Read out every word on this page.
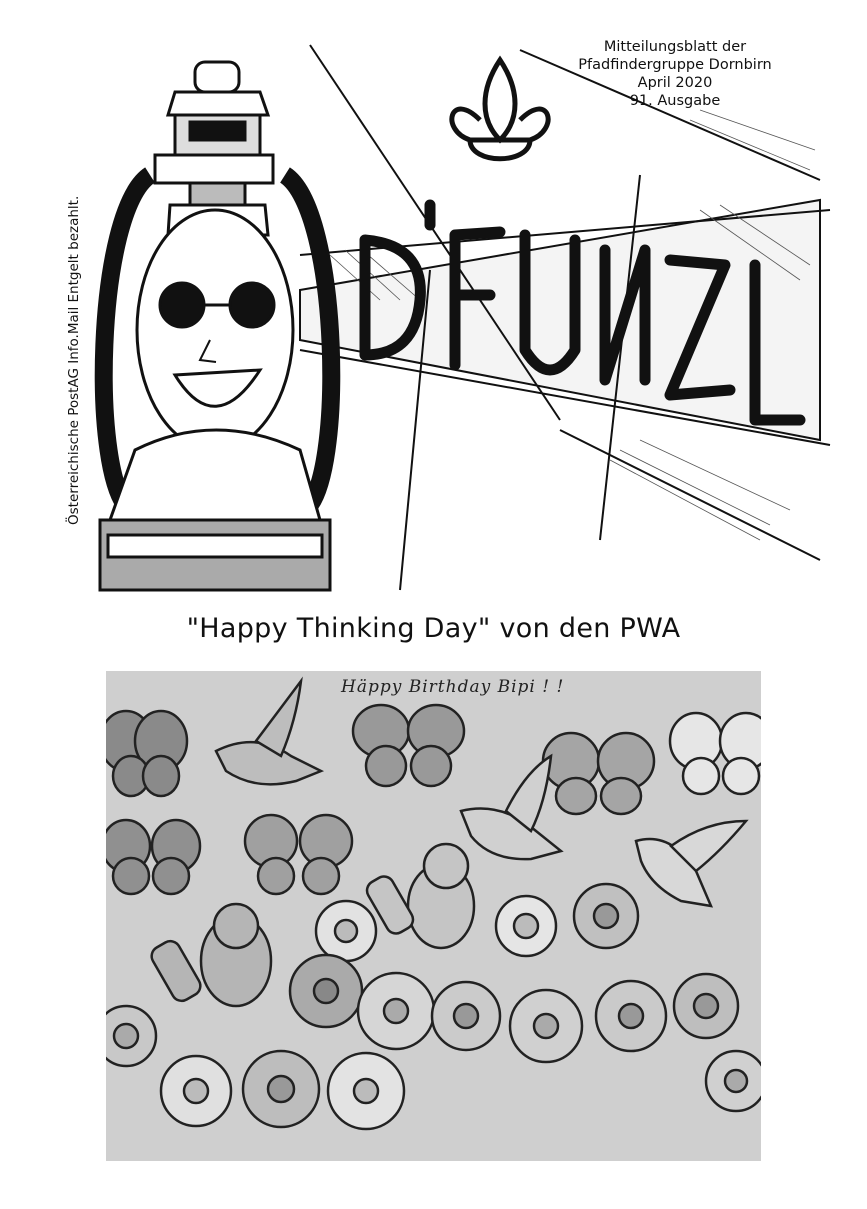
Österreichische PostAG Info.Mail Entgelt bezahlt.
Mitteilungsblatt der
Pfadfindergruppe Dornbirn
April 2020
91. Ausgabe
"Happy Thinking Day" von den PWA
Häppy Birthday Bipi ! !
